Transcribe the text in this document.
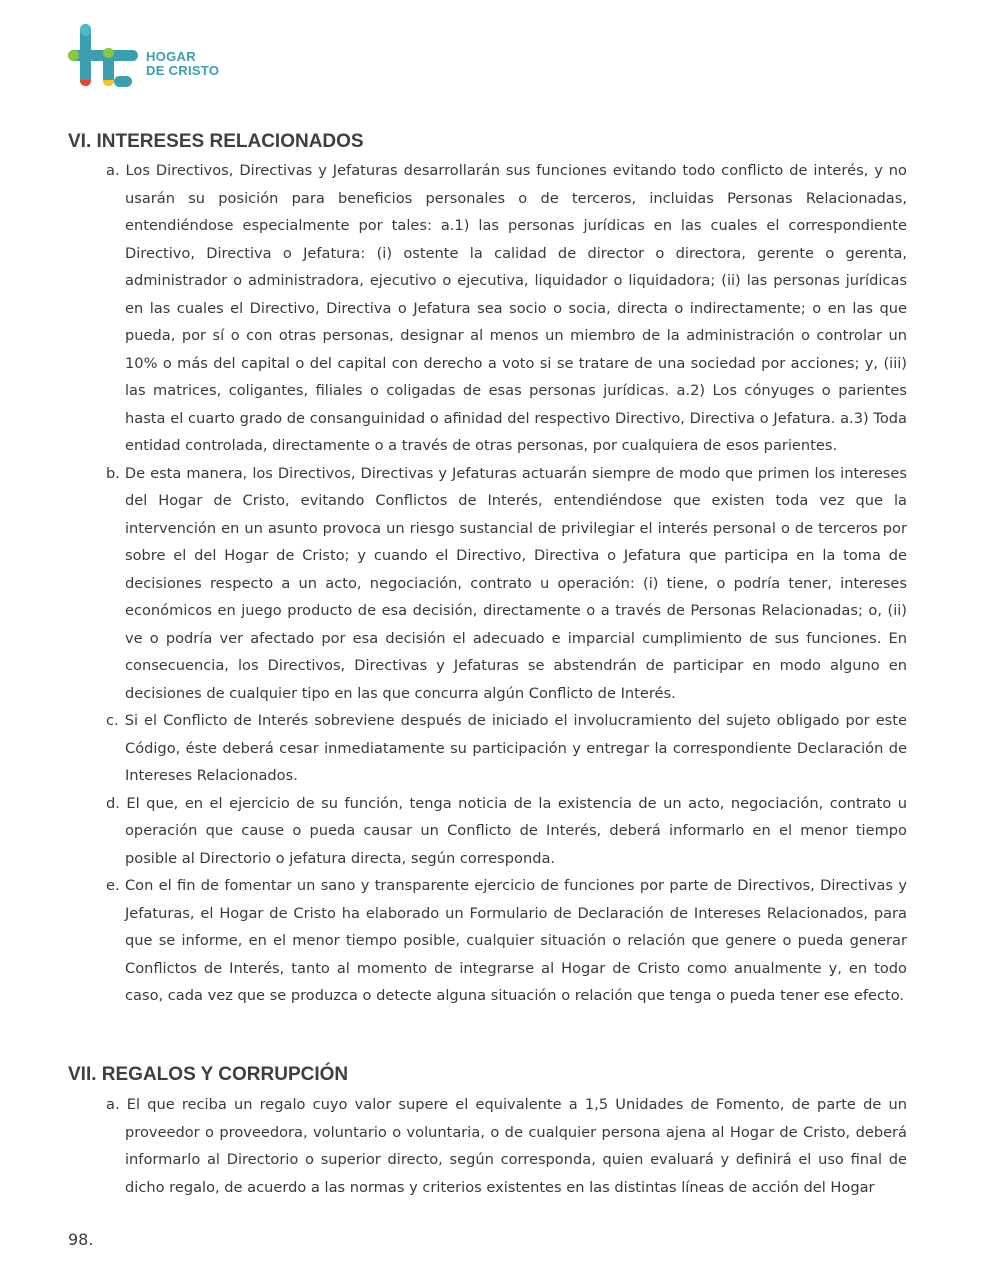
HOGAR
DE CRISTO
VI. INTERESES RELACIONADOS
a. Los Directivos, Directivas y Jefaturas desarrollarán sus funciones evitando todo conflicto de interés, y no usarán su posición para beneficios personales o de terceros, incluidas Personas Relacionadas, entendiéndose especialmente por tales: a.1) las personas jurídicas en las cuales el correspondiente Directivo, Directiva o Jefatura: (i) ostente la calidad de director o directora, gerente o gerenta, administrador o administradora, ejecutivo o ejecutiva, liquidador o liquidadora; (ii) las personas jurídicas en las cuales el Directivo, Directiva o Jefatura sea socio o socia, directa o indirectamente; o en las que pueda, por sí o con otras personas, designar al menos un miembro de la administración o controlar un 10% o más del capital o del capital con derecho a voto si se tratare de una sociedad por acciones; y, (iii) las matrices, coligantes, filiales o coligadas de esas personas jurídicas. a.2) Los cónyuges o parientes hasta el cuarto grado de consanguinidad o afinidad del respectivo Directivo, Directiva o Jefatura. a.3) Toda entidad controlada, directamente o a través de otras personas, por cualquiera de esos parientes.
b. De esta manera, los Directivos, Directivas y Jefaturas actuarán siempre de modo que primen los intereses del Hogar de Cristo, evitando Conflictos de Interés, entendiéndose que existen toda vez que la intervención en un asunto provoca un riesgo sustancial de privilegiar el interés personal o de terceros por sobre el del Hogar de Cristo; y cuando el Directivo, Directiva o Jefatura que participa en la toma de decisiones respecto a un acto, negociación, contrato u operación: (i) tiene, o podría tener, intereses económicos en juego producto de esa decisión, directamente o a través de Personas Relacionadas; o, (ii) ve o podría ver afectado por esa decisión el adecuado e imparcial cumplimiento de sus funciones. En consecuencia, los Directivos, Directivas y Jefaturas se abstendrán de participar en modo alguno en decisiones de cualquier tipo en las que concurra algún Conflicto de Interés.
c. Si el Conflicto de Interés sobreviene después de iniciado el involucramiento del sujeto obligado por este Código, éste deberá cesar inmediatamente su participación y entregar la correspondiente Declaración de Intereses Relacionados.
d. El que, en el ejercicio de su función, tenga noticia de la existencia de un acto, negociación, contrato u operación que cause o pueda causar un Conflicto de Interés, deberá informarlo en el menor tiempo posible al Directorio o jefatura directa, según corresponda.
e. Con el fin de fomentar un sano y transparente ejercicio de funciones por parte de Directivos, Directivas y Jefaturas, el Hogar de Cristo ha elaborado un Formulario de Declaración de Intereses Relacionados, para que se informe, en el menor tiempo posible, cualquier situación o relación que genere o pueda generar Conflictos de Interés, tanto al momento de integrarse al Hogar de Cristo como anualmente y, en todo caso, cada vez que se produzca o detecte alguna situación o relación que tenga o pueda tener ese efecto.
VII. REGALOS Y CORRUPCIÓN
a. El que reciba un regalo cuyo valor supere el equivalente a 1,5 Unidades de Fomento, de parte de un proveedor o proveedora, voluntario o voluntaria, o de cualquier persona ajena al Hogar de Cristo, deberá informarlo al Directorio o superior directo, según corresponda, quien evaluará y definirá el uso final de dicho regalo, de acuerdo a las normas y criterios existentes en las distintas líneas de acción del Hogar
98.
